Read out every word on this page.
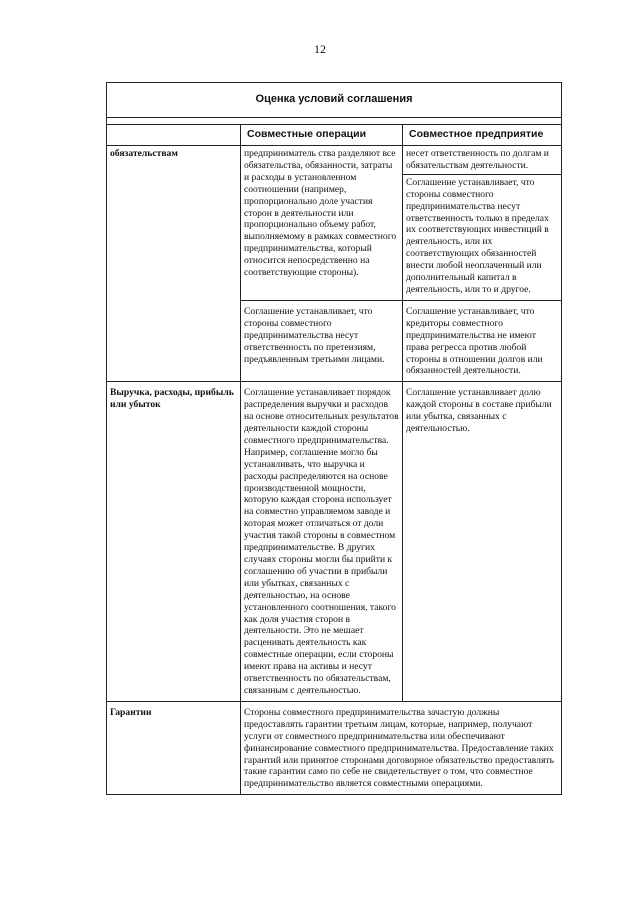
12
Оценка условий соглашения		

	Совместные операции	Совместное предприятие
обязательствам	предприниматель ства разделяют все обязательства, обязанности, затраты и расходы в установленном соотношении (например, пропорционально доле участия сторон в деятельности или пропорционально объему работ, выполняемому в рамках совместного предпринимательства, который относится непосредственно на соответствующие стороны).	несет ответственность по долгам и обязательствам деятельности.
		Соглашение устанавливает, что стороны совместного предпринимательства несут ответственность только в пределах их соответствующих инвестиций в деятельность, или их соответствующих обязанностей внести любой неоплаченный или дополнительный капитал в деятельность, или то и другое.
	Соглашение устанавливает, что стороны совместного предпринимательства несут ответственность по претензиям, предъявленным третьими лицами.	Соглашение устанавливает, что кредиторы совместного предпринимательства не имеют права регресса против любой стороны в отношении долгов или обязанностей деятельности.
Выручка, расходы, прибыль или убыток	Соглашение устанавливает порядок распределения выручки и расходов на основе относительных результатов деятельности каждой стороны совместного предпринимательства. Например, соглашение могло бы устанавливать, что выручка и расходы распределяются на основе производственной мощности, которую каждая сторона использует на совместно управляемом заводе и которая может отличаться от доли участия такой стороны в совместном предпринимательстве. В других случаях стороны могли бы прийти к соглашению об участии в прибыли или убытках, связанных с деятельностью, на основе установленного соотношения, такого как доля участия сторон в деятельности. Это не мешает расценивать деятельность как совместные операции, если стороны имеют права на активы и несут ответственность по обязательствам, связанным с деятельностью.	Соглашение устанавливает долю каждой стороны в составе прибыли или убытка, связанных с деятельностью.
Гарантии	Стороны совместного предпринимательства зачастую должны предоставлять гарантии третьим лицам, которые, например, получают услуги от совместного предпринимательства или обеспечивают финансирование совместного предпринимательства. Предоставление таких гарантий или принятое сторонами договорное обязательство предоставлять такие гарантии само по себе не свидетельствует о том, что совместное предпринимательство является совместными операциями.	
